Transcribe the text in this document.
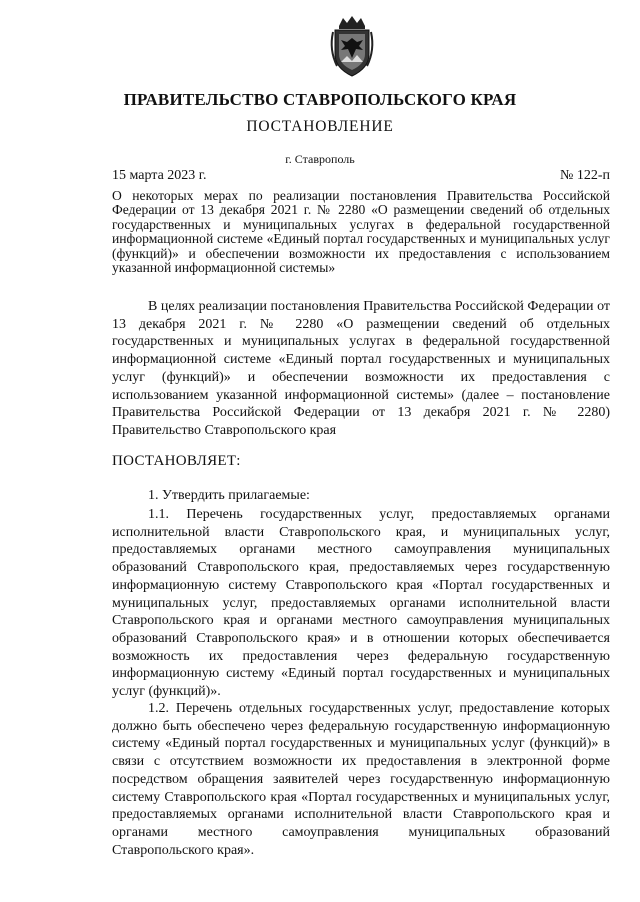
ПРАВИТЕЛЬСТВО СТАВРОПОЛЬСКОГО КРАЯ
ПОСТАНОВЛЕНИЕ
г. Ставрополь
15 марта 2023 г.	№ 122-п
О некоторых мерах по реализации постановления Правительства Российской Федерации от 13 декабря 2021 г. № 2280 «О размещении сведений об отдельных государственных и муниципальных услугах в федеральной государственной информационной системе «Единый портал государственных и муниципальных услуг (функций)» и обеспечении возможности их предоставления с использованием указанной информационной системы»

В целях реализации постановления Правительства Российской Федерации от 13 декабря 2021 г. № 2280 «О размещении сведений об отдельных государственных и муниципальных услугах в федеральной государственной информационной системе «Единый портал государственных и муниципальных услуг (функций)» и обеспечении возможности их предоставления с использованием указанной информационной системы» (далее – постановление Правительства Российской Федерации от 13 декабря 2021 г. № 2280) Правительство Ставропольского края

ПОСТАНОВЛЯЕТ:

1. Утвердить прилагаемые:

1.1. Перечень государственных услуг, предоставляемых органами исполнительной власти Ставропольского края, и муниципальных услуг, предоставляемых органами местного самоуправления муниципальных образований Ставропольского края, предоставляемых через государственную информационную систему Ставропольского края «Портал государственных и муниципальных услуг, предоставляемых органами исполнительной власти Ставропольского края и органами местного самоуправления муниципальных образований Ставропольского края» и в отношении которых обеспечивается возможность их предоставления через федеральную государственную информационную систему «Единый портал государственных и муниципальных услуг (функций)».

1.2. Перечень отдельных государственных услуг, предоставление которых должно быть обеспечено через федеральную государственную информационную систему «Единый портал государственных и муниципальных услуг (функций)» в связи с отсутствием возможности их предоставления в электронной форме посредством обращения заявителей через государственную информационную систему Ставропольского края «Портал государственных и муниципальных услуг, предоставляемых органами исполнительной власти Ставропольского края и органами местного самоуправления муниципальных образований Ставропольского края».
